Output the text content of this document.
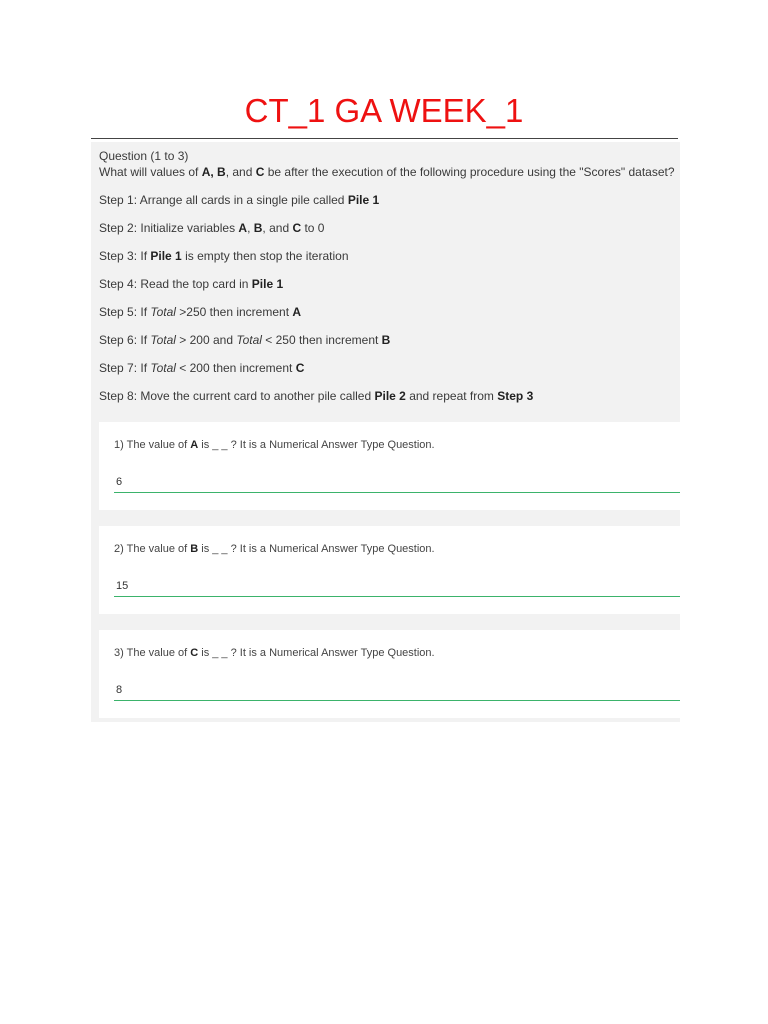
CT_1 GA WEEK_1
Question (1 to 3)
What will values of A, B, and C be after the execution of the following procedure using the "Scores" dataset?
Step 1: Arrange all cards in a single pile called Pile 1
Step 2: Initialize variables A, B, and C to 0
Step 3: If Pile 1 is empty then stop the iteration
Step 4: Read the top card in Pile 1
Step 5: If Total >250 then increment A
Step 6: If Total > 200 and Total < 250 then increment B
Step 7: If Total < 200 then increment C
Step 8: Move the current card to another pile called Pile 2 and repeat from Step 3
1) The value of A is _ _ ? It is a Numerical Answer Type Question.
6
2) The value of B is _ _ ? It is a Numerical Answer Type Question.
15
3) The value of C is _ _ ? It is a Numerical Answer Type Question.
8
